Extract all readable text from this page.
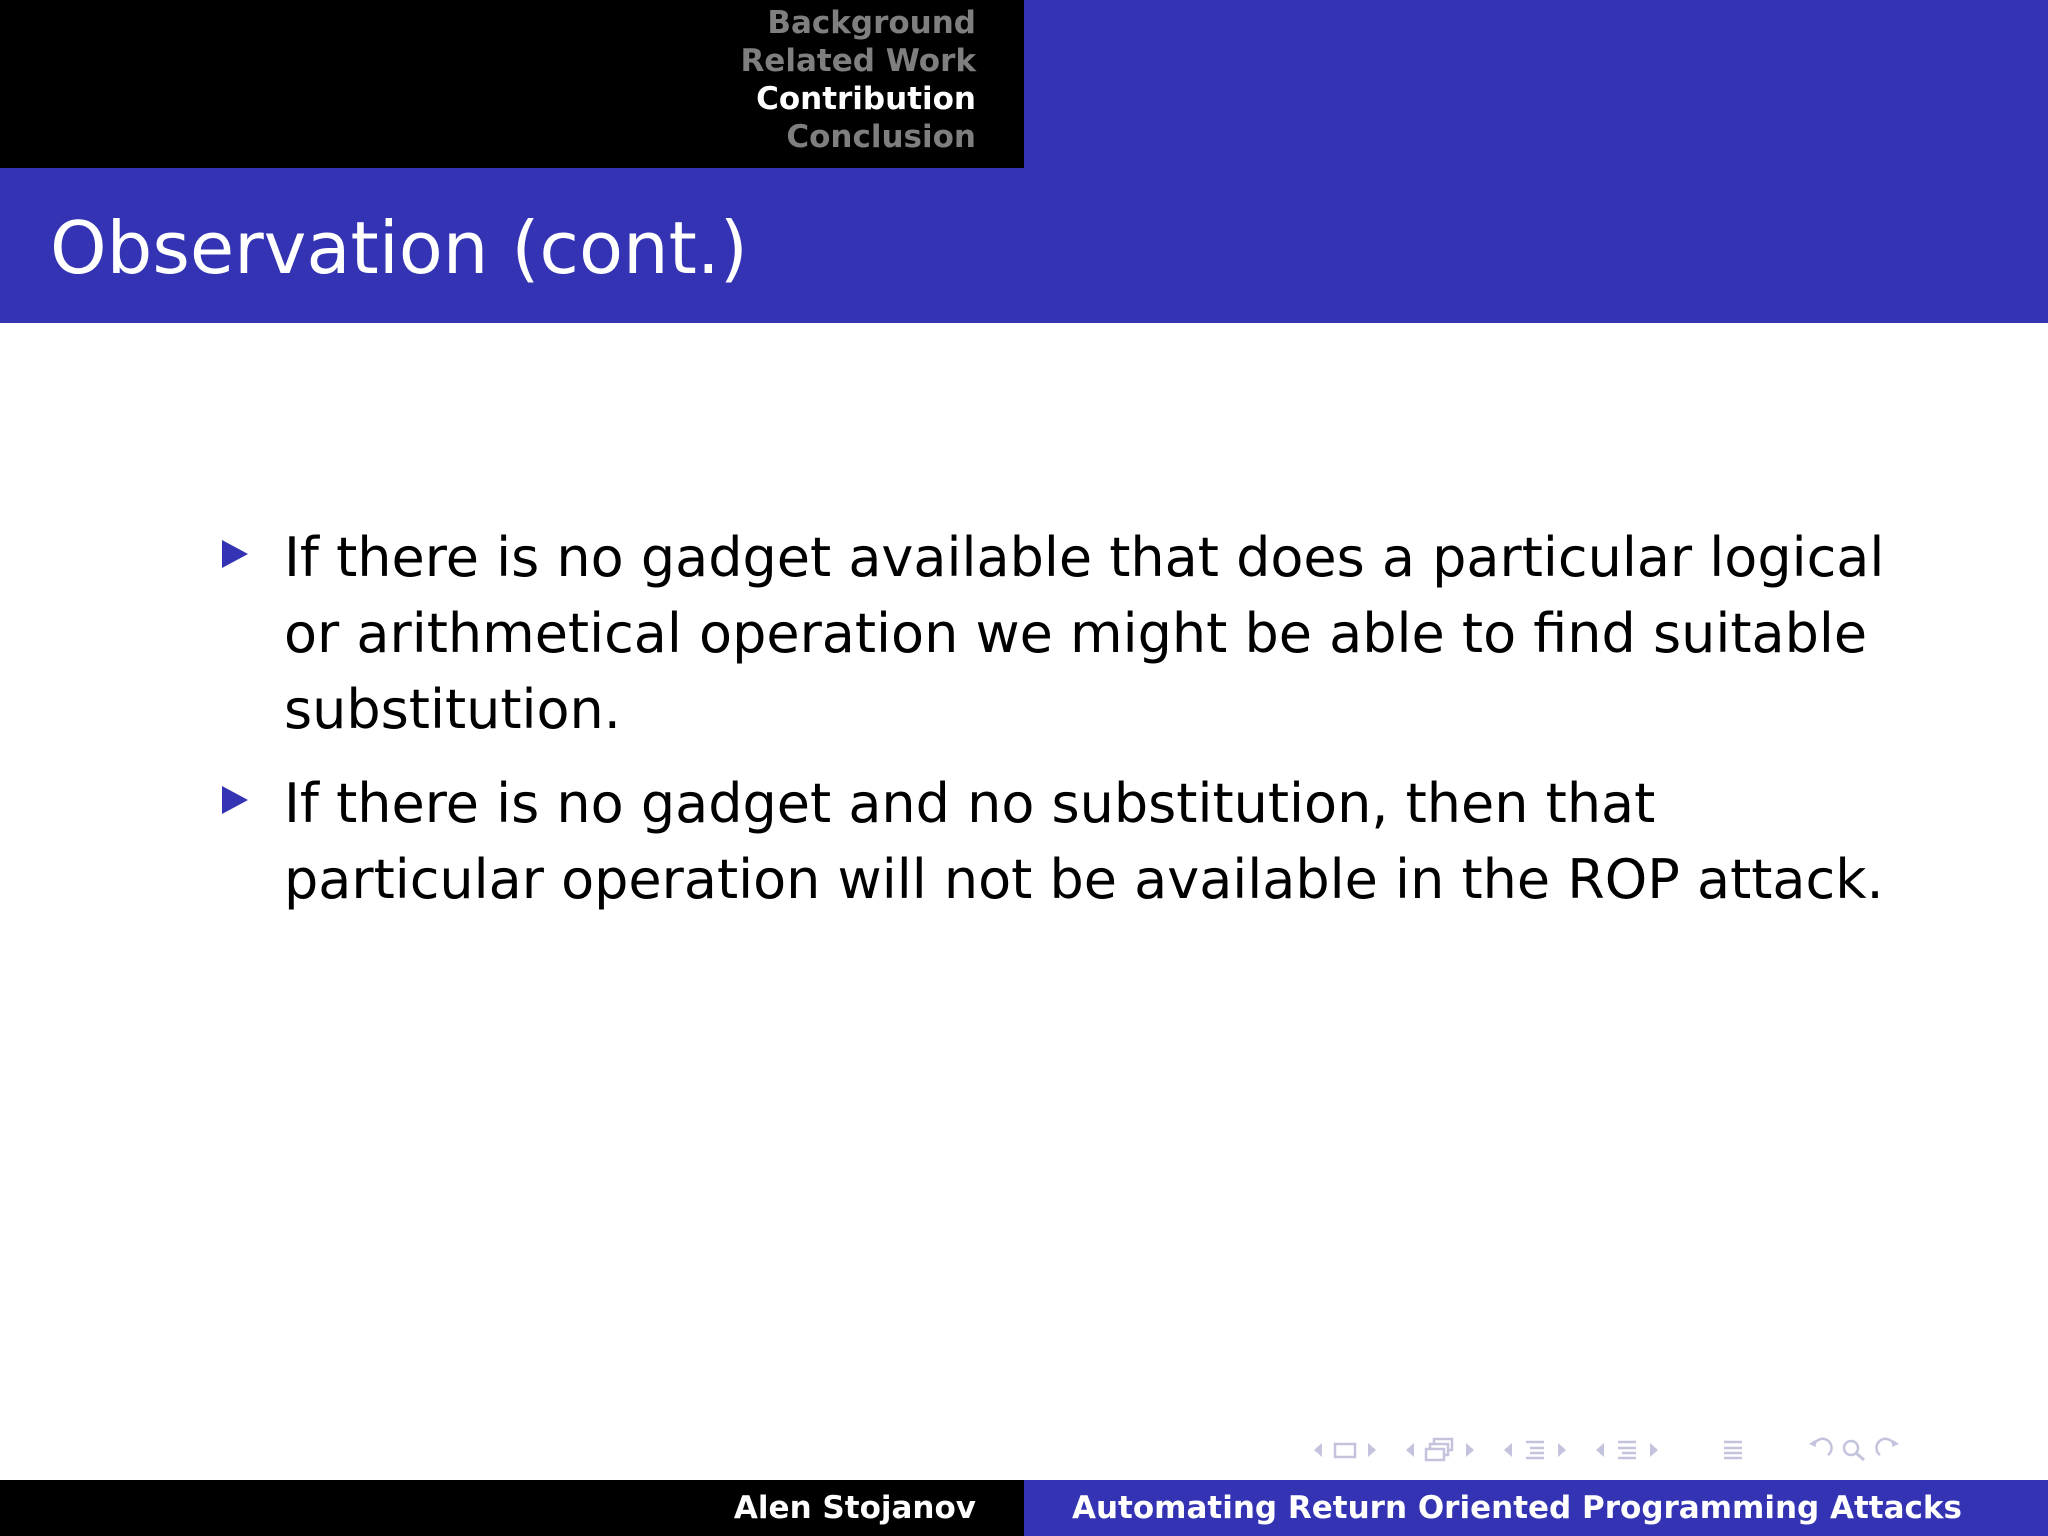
Background
Related Work
Contribution
Conclusion
Observation (cont.)
If there is no gadget available that does a particular logical or arithmetical operation we might be able to find suitable substitution.
If there is no gadget and no substitution, then that particular operation will not be available in the ROP attack.
Alen Stojanov	Automating Return Oriented Programming Attacks
